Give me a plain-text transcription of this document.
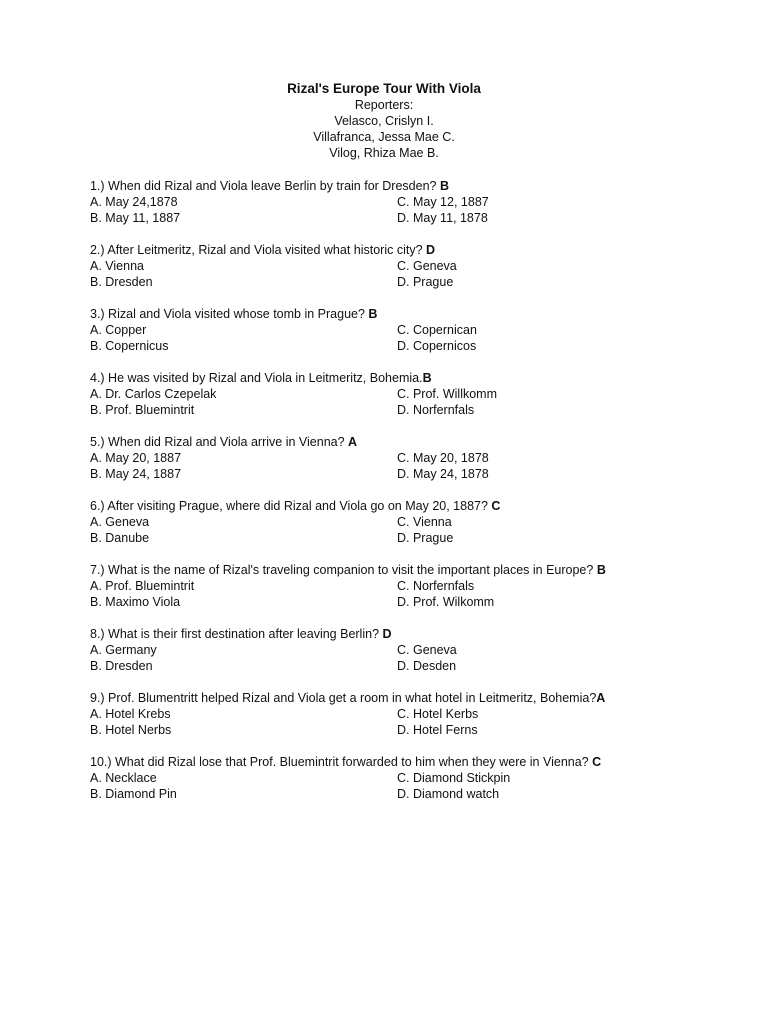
Rizal's Europe Tour With Viola

Reporters:

Velasco, Crislyn I.

Villafranca, Jessa Mae C.

Vilog, Rhiza Mae B.

1.) When did Rizal and Viola leave Berlin by train for Dresden? B
A. May 24,1878	C. May 12, 1887
B. May 11, 1887	D. May 11, 1878
2.) After Leitmeritz, Rizal and Viola visited what historic city? D
A. Vienna	C. Geneva
B. Dresden	D. Prague
3.) Rizal and Viola visited whose tomb in Prague? B
A. Copper	C. Copernican
B. Copernicus	D. Copernicos
4.) He was visited by Rizal and Viola in Leitmeritz, Bohemia.B
A. Dr. Carlos Czepelak	C. Prof. Willkomm
B. Prof. Bluemintrit	D. Norfernfals
5.) When did Rizal and Viola arrive in Vienna? A
A. May 20, 1887	C. May 20, 1878
B. May 24, 1887	D. May 24, 1878
6.) After visiting Prague, where did Rizal and Viola go on May 20, 1887? C
A. Geneva	C. Vienna
B. Danube	D. Prague
7.) What is the name of Rizal's traveling companion to visit the important places in Europe? B
A. Prof. Bluemintrit	C. Norfernfals
B. Maximo Viola	D. Prof. Wilkomm
8.) What is their first destination after leaving Berlin? D
A. Germany	C. Geneva
B. Dresden	D. Desden
9.) Prof. Blumentritt helped Rizal and Viola get a room in what hotel in Leitmeritz, Bohemia?A
A. Hotel Krebs	C. Hotel Kerbs
B. Hotel Nerbs	D. Hotel Ferns
10.) What did Rizal lose that Prof. Bluemintrit forwarded to him when they were in Vienna? C
A. Necklace	C. Diamond Stickpin
B. Diamond Pin	D. Diamond watch
